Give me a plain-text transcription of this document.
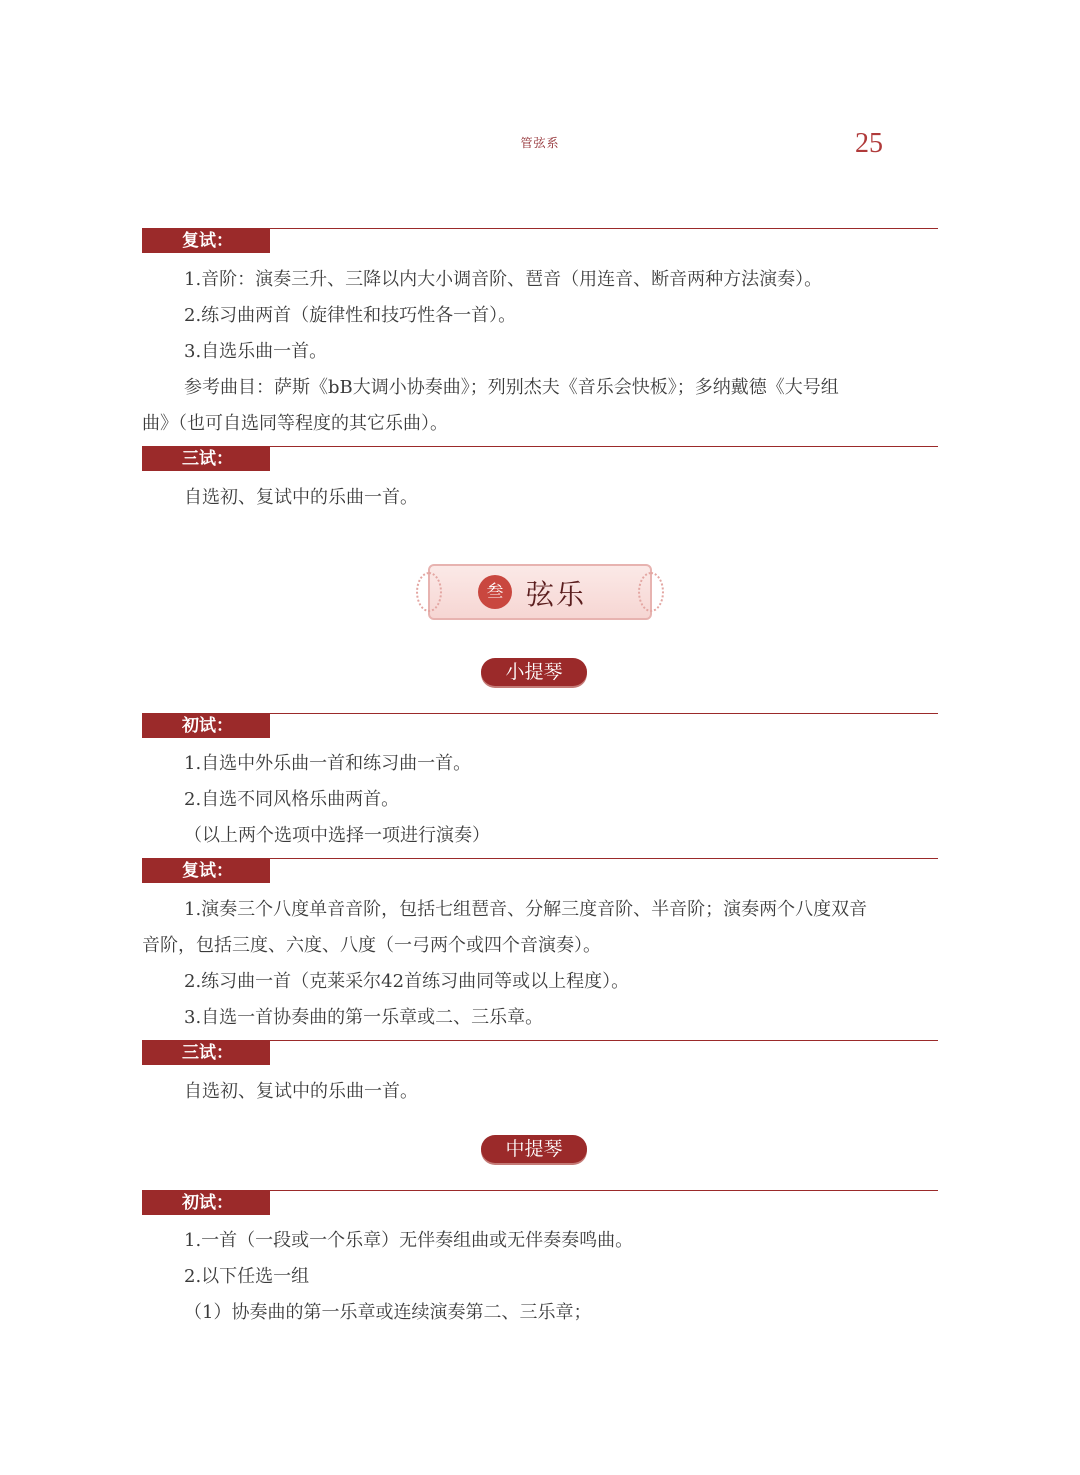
管弦系	25
复试：
1.音阶：演奏三升、三降以内大小调音阶、琶音（用连音、断音两种方法演奏）。
2.练习曲两首（旋律性和技巧性各一首）。
3.自选乐曲一首。
参考曲目：萨斯《bB大调小协奏曲》；列别杰夫《音乐会快板》；多纳戴德《大号组
曲》（也可自选同等程度的其它乐曲）。
三试：
自选初、复试中的乐曲一首。
叁 弦乐
小提琴
初试：
1.自选中外乐曲一首和练习曲一首。
2.自选不同风格乐曲两首。
（以上两个选项中选择一项进行演奏）
复试：
1.演奏三个八度单音音阶，包括七组琶音、分解三度音阶、半音阶；演奏两个八度双音
音阶，包括三度、六度、八度（一弓两个或四个音演奏）。
2.练习曲一首（克莱采尔42首练习曲同等或以上程度）。
3.自选一首协奏曲的第一乐章或二、三乐章。
三试：
自选初、复试中的乐曲一首。
中提琴
初试：
1.一首（一段或一个乐章）无伴奏组曲或无伴奏奏鸣曲。
2.以下任选一组
（1）协奏曲的第一乐章或连续演奏第二、三乐章；
